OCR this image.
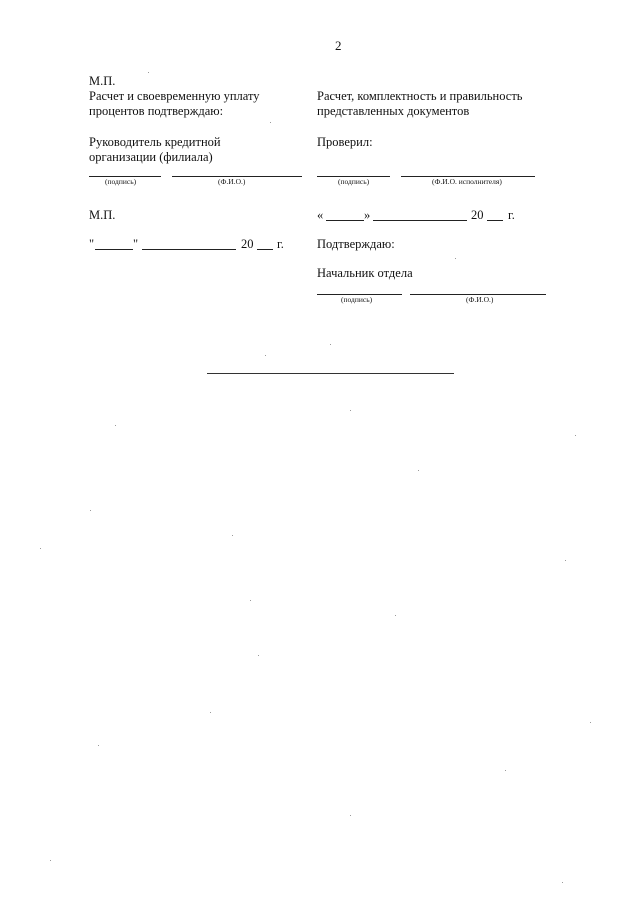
2
М.П.
Расчет и своевременную уплату
процентов подтверждаю:
Руководитель кредитной
организации (филиала)
(подпись)	(Ф.И.О.)
М.П.
"	"	20 г.
Расчет, комплектность и правильность
представленных документов
Проверил:
(подпись)	(Ф.И.О. исполнителя)
«	»	20 г.
Подтверждаю:
Начальник отдела
(подпись)	(Ф.И.О.)
